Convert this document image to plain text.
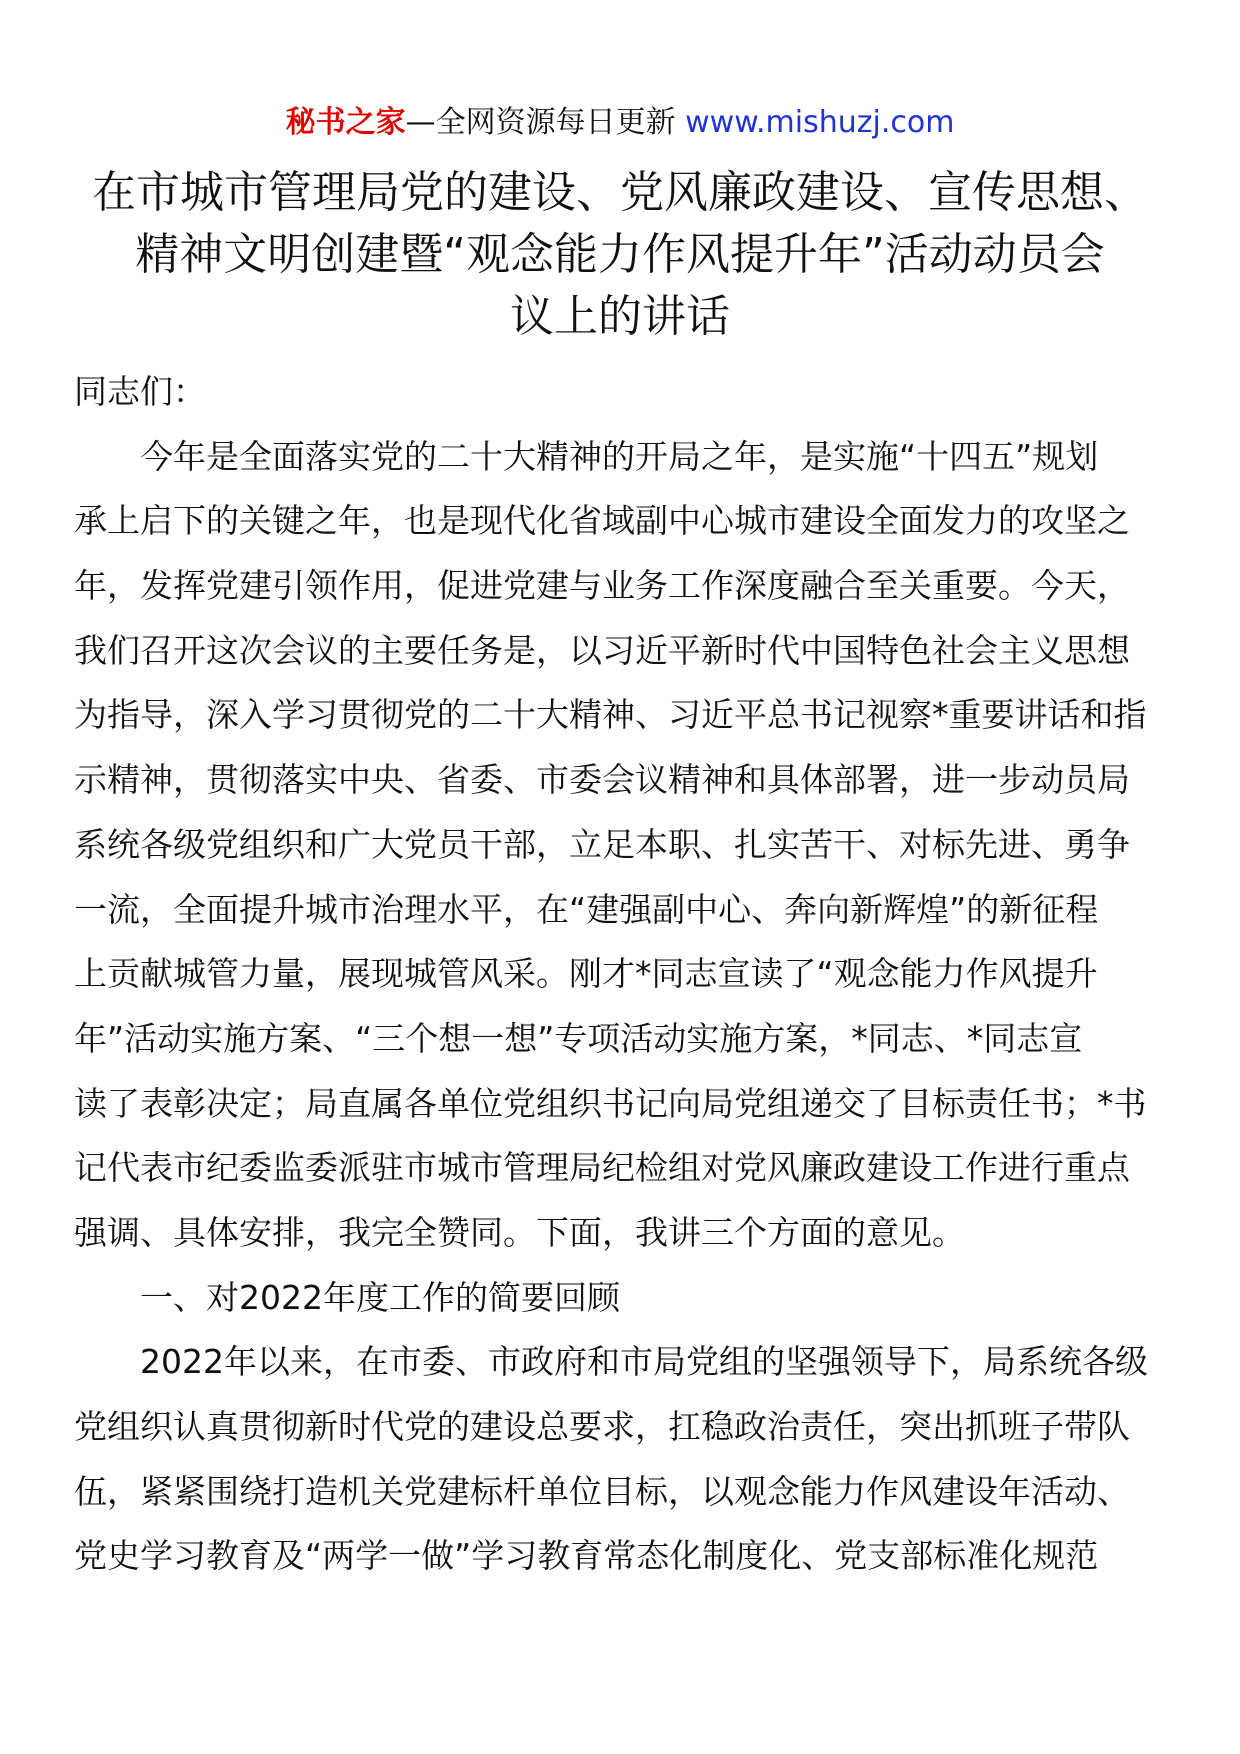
秘书之家—全网资源每日更新 www.mishuzj.com
在市城市管理局党的建设、党风廉政建设、宣传思想、
精神文明创建暨“观念能力作风提升年”活动动员会
议上的讲话
同志们：
今年是全面落实党的二十大精神的开局之年，是实施“十四五”规划
承上启下的关键之年，也是现代化省域副中心城市建设全面发力的攻坚之
年，发挥党建引领作用，促进党建与业务工作深度融合至关重要。今天，
我们召开这次会议的主要任务是，以习近平新时代中国特色社会主义思想
为指导，深入学习贯彻党的二十大精神、习近平总书记视察*重要讲话和指
示精神，贯彻落实中央、省委、市委会议精神和具体部署，进一步动员局
系统各级党组织和广大党员干部，立足本职、扎实苦干、对标先进、勇争
一流，全面提升城市治理水平，在“建强副中心、奔向新辉煌”的新征程
上贡献城管力量，展现城管风采。刚才*同志宣读了“观念能力作风提升
年”活动实施方案、“三个想一想”专项活动实施方案，*同志、*同志宣
读了表彰决定；局直属各单位党组织书记向局党组递交了目标责任书；*书
记代表市纪委监委派驻市城市管理局纪检组对党风廉政建设工作进行重点
强调、具体安排，我完全赞同。下面，我讲三个方面的意见。
一、对2022年度工作的简要回顾
2022年以来，在市委、市政府和市局党组的坚强领导下，局系统各级
党组织认真贯彻新时代党的建设总要求，扛稳政治责任，突出抓班子带队
伍，紧紧围绕打造机关党建标杆单位目标，以观念能力作风建设年活动、
党史学习教育及“两学一做”学习教育常态化制度化、党支部标准化规范
